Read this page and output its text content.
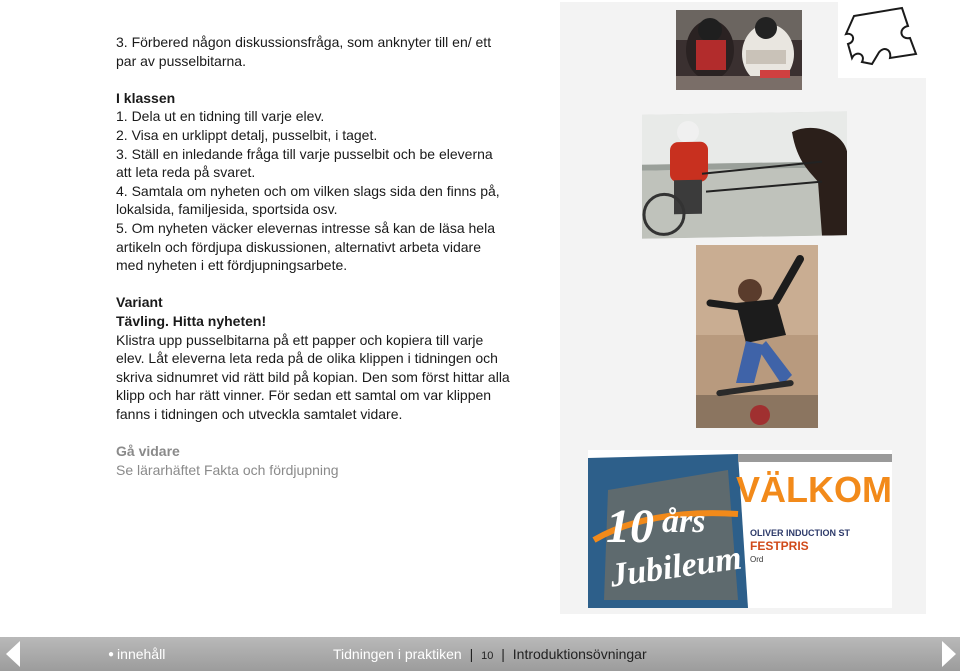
3. Förbered någon diskussionsfråga, som anknyter till en/ ett

par av pusselbitarna.

I klassen

1. Dela ut en tidning till varje elev.

2. Visa en urklippt detalj, pusselbit, i taget.

3. Ställ en inledande fråga till varje pusselbit och be eleverna

att leta reda på svaret.

4. Samtala om nyheten och om vilken slags sida den finns på,

lokalsida, familjesida, sportsida osv.

5. Om nyheten väcker elevernas intresse så kan de läsa hela

artikeln och fördjupa diskussionen, alternativt arbeta vidare

med nyheten i ett fördjupningsarbete.

Variant

Tävling. Hitta nyheten!

Klistra upp pusselbitarna på ett papper och kopiera till varje

elev. Låt eleverna leta reda på de olika klippen i tidningen och

skriva sidnumret vid rätt bild på kopian. Den som först hittar alla

klipp och har rätt vinner. För sedan ett samtal om var klippen

fanns i tidningen och utveckla samtalet vidare.

Gå vidare

Se lärarhäftet Fakta och fördjupning

10 års
Jubileum
VÄLKOM
OLIVER INDUCTION ST
FESTPRIS
Ord
● innehåll	Tidningen i praktiken | 10 | Introduktionsövningar
